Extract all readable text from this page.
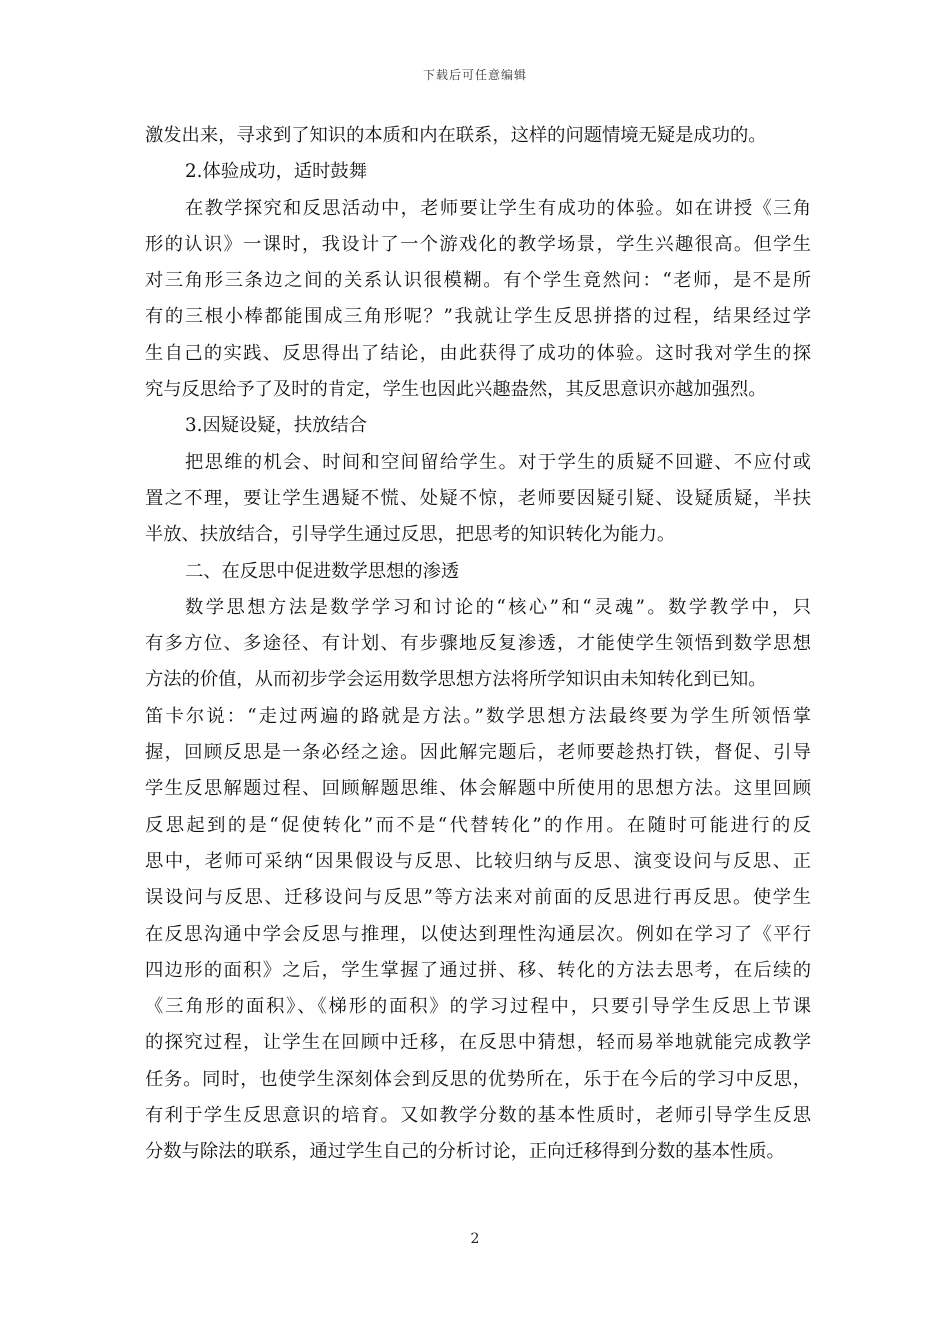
下载后可任意编辑
激发出来，寻求到了知识的本质和内在联系，这样的问题情境无疑是成功的。
2.体验成功，适时鼓舞
在教学探究和反思活动中，老师要让学生有成功的体验。如在讲授《三角
形的认识》一课时，我设计了一个游戏化的教学场景，学生兴趣很高。但学生
对三角形三条边之间的关系认识很模糊。有个学生竟然问：“老师，是不是所
有的三根小棒都能围成三角形呢？”我就让学生反思拼搭的过程，结果经过学
生自己的实践、反思得出了结论，由此获得了成功的体验。这时我对学生的探
究与反思给予了及时的肯定，学生也因此兴趣盎然，其反思意识亦越加强烈。
3.因疑设疑，扶放结合
把思维的机会、时间和空间留给学生。对于学生的质疑不回避、不应付或
置之不理，要让学生遇疑不慌、处疑不惊，老师要因疑引疑、设疑质疑，半扶
半放、扶放结合，引导学生通过反思，把思考的知识转化为能力。
二、在反思中促进数学思想的渗透
数学思想方法是数学学习和讨论的“核心”和“灵魂”。数学教学中，只
有多方位、多途径、有计划、有步骤地反复渗透，才能使学生领悟到数学思想
方法的价值，从而初步学会运用数学思想方法将所学知识由未知转化到已知。
笛卡尔说：“走过两遍的路就是方法。”数学思想方法最终要为学生所领悟掌
握，回顾反思是一条必经之途。因此解完题后，老师要趁热打铁，督促、引导
学生反思解题过程、回顾解题思维、体会解题中所使用的思想方法。这里回顾
反思起到的是“促使转化”而不是“代替转化”的作用。在随时可能进行的反
思中，老师可采纳“因果假设与反思、比较归纳与反思、演变设问与反思、正
误设问与反思、迁移设问与反思”等方法来对前面的反思进行再反思。使学生
在反思沟通中学会反思与推理，以使达到理性沟通层次。例如在学习了《平行
四边形的面积》之后，学生掌握了通过拼、移、转化的方法去思考，在后续的
《三角形的面积》、《梯形的面积》的学习过程中，只要引导学生反思上节课
的探究过程，让学生在回顾中迁移，在反思中猜想，轻而易举地就能完成教学
任务。同时，也使学生深刻体会到反思的优势所在，乐于在今后的学习中反思，
有利于学生反思意识的培育。又如教学分数的基本性质时，老师引导学生反思
分数与除法的联系，通过学生自己的分析讨论，正向迁移得到分数的基本性质。
2
